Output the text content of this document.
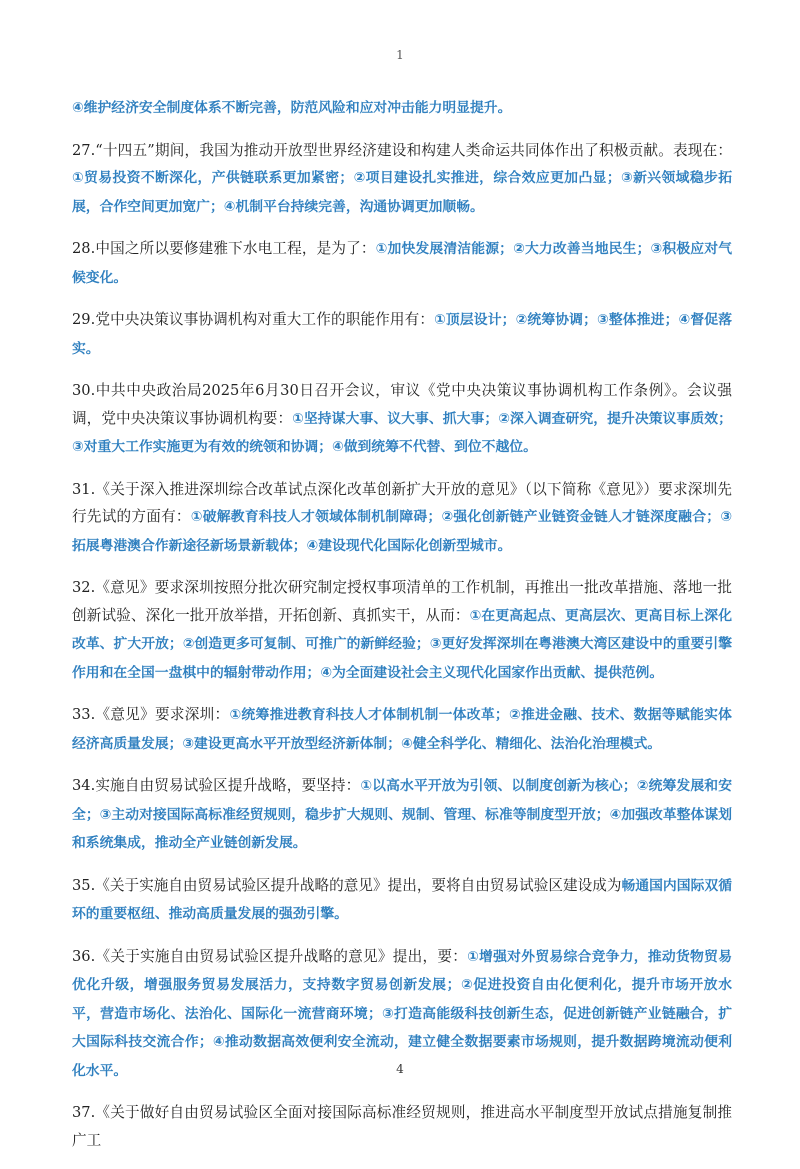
1

④维护经济安全制度体系不断完善，防范风险和应对冲击能力明显提升。

27.“十四五”期间，我国为推动开放型世界经济建设和构建人类命运共同体作出了积极贡献。表现在：①贸易投资不断深化，产供链联系更加紧密；②项目建设扎实推进，综合效应更加凸显；③新兴领域稳步拓展，合作空间更加宽广；④机制平台持续完善，沟通协调更加顺畅。

28.中国之所以要修建雅下水电工程，是为了：①加快发展清洁能源；②大力改善当地民生；③积极应对气候变化。

29.党中央决策议事协调机构对重大工作的职能作用有：①顶层设计；②统筹协调；③整体推进；④督促落实。

30.中共中央政治局2025年6月30日召开会议，审议《党中央决策议事协调机构工作条例》。会议强调，党中央决策议事协调机构要：①坚持谋大事、议大事、抓大事；②深入调查研究，提升决策议事质效；③对重大工作实施更为有效的统领和协调；④做到统筹不代替、到位不越位。

31.《关于深入推进深圳综合改革试点深化改革创新扩大开放的意见》（以下简称《意见》）要求深圳先行先试的方面有：①破解教育科技人才领域体制机制障碍；②强化创新链产业链资金链人才链深度融合；③拓展粤港澳合作新途径新场景新载体；④建设现代化国际化创新型城市。

32.《意见》要求深圳按照分批次研究制定授权事项清单的工作机制，再推出一批改革措施、落地一批创新试验、深化一批开放举措，开拓创新、真抓实干，从而：①在更高起点、更高层次、更高目标上深化改革、扩大开放；②创造更多可复制、可推广的新鲜经验；③更好发挥深圳在粤港澳大湾区建设中的重要引擎作用和在全国一盘棋中的辐射带动作用；④为全面建设社会主义现代化国家作出贡献、提供范例。

33.《意见》要求深圳：①统筹推进教育科技人才体制机制一体改革；②推进金融、技术、数据等赋能实体经济高质量发展；③建设更高水平开放型经济新体制；④健全科学化、精细化、法治化治理模式。

34.实施自由贸易试验区提升战略，要坚持：①以高水平开放为引领、以制度创新为核心；②统筹发展和安全；③主动对接国际高标准经贸规则，稳步扩大规则、规制、管理、标准等制度型开放；④加强改革整体谋划和系统集成，推动全产业链创新发展。

35.《关于实施自由贸易试验区提升战略的意见》提出，要将自由贸易试验区建设成为畅通国内国际双循环的重要枢纽、推动高质量发展的强劲引擎。

36.《关于实施自由贸易试验区提升战略的意见》提出，要：①增强对外贸易综合竞争力，推动货物贸易优化升级，增强服务贸易发展活力，支持数字贸易创新发展；②促进投资自由化便利化，提升市场开放水平，营造市场化、法治化、国际化一流营商环境；③打造高能级科技创新生态，促进创新链产业链融合，扩大国际科技交流合作；④推动数据高效便利安全流动，建立健全数据要素市场规则，提升数据跨境流动便利化水平。

37.《关于做好自由贸易试验区全面对接国际高标准经贸规则，推进高水平制度型开放试点措施复制推广工

4
